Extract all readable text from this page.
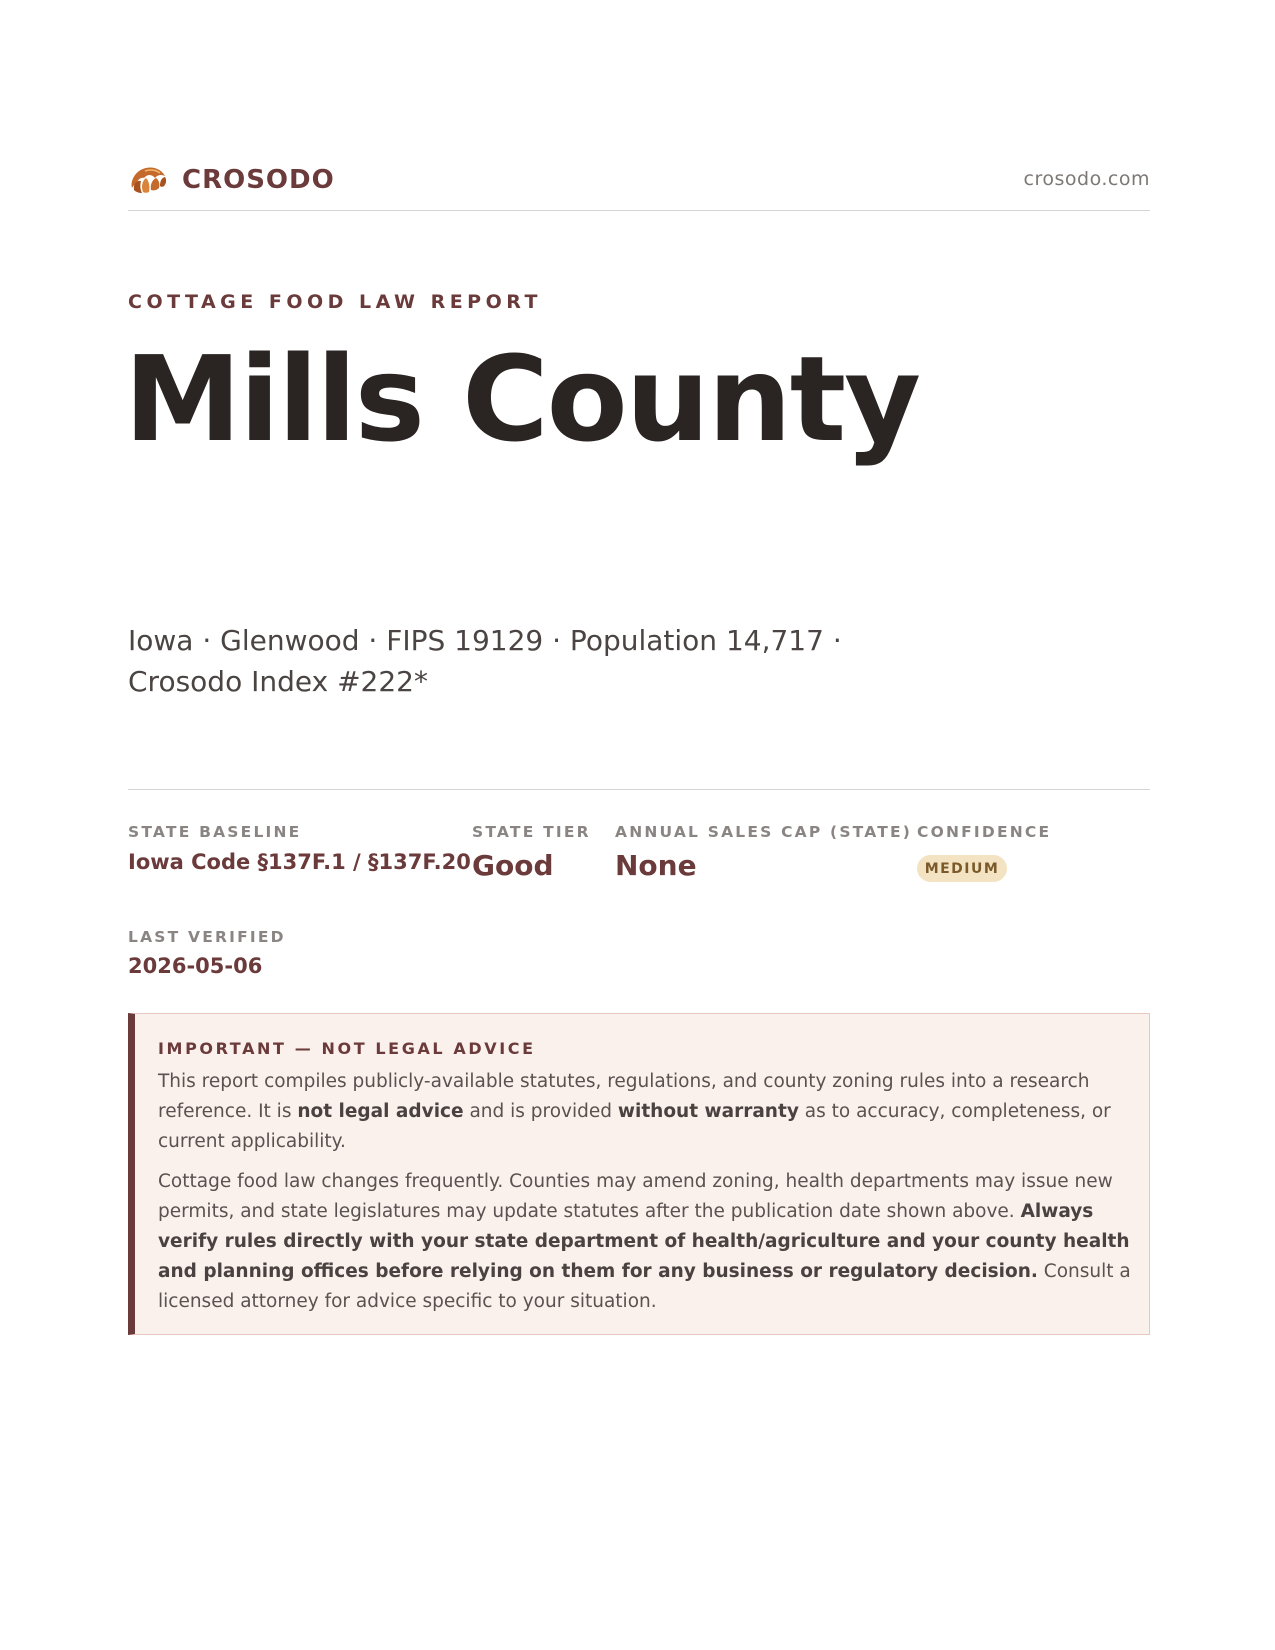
CROSODO	crosodo.com
COTTAGE FOOD LAW REPORT
Mills County
Iowa · Glenwood · FIPS 19129 · Population 14,717 · Crosodo Index #222*
STATE BASELINE
Iowa Code §137F.1 / §137F.20
STATE TIER
Good
ANNUAL SALES CAP (STATE)
None
CONFIDENCE
MEDIUM
LAST VERIFIED
2026-05-06
IMPORTANT — NOT LEGAL ADVICE
This report compiles publicly-available statutes, regulations, and county zoning rules into a research reference. It is not legal advice and is provided without warranty as to accuracy, completeness, or current applicability.
Cottage food law changes frequently. Counties may amend zoning, health departments may issue new permits, and state legislatures may update statutes after the publication date shown above. Always verify rules directly with your state department of health/agriculture and your county health and planning offices before relying on them for any business or regulatory decision. Consult a licensed attorney for advice specific to your situation.
